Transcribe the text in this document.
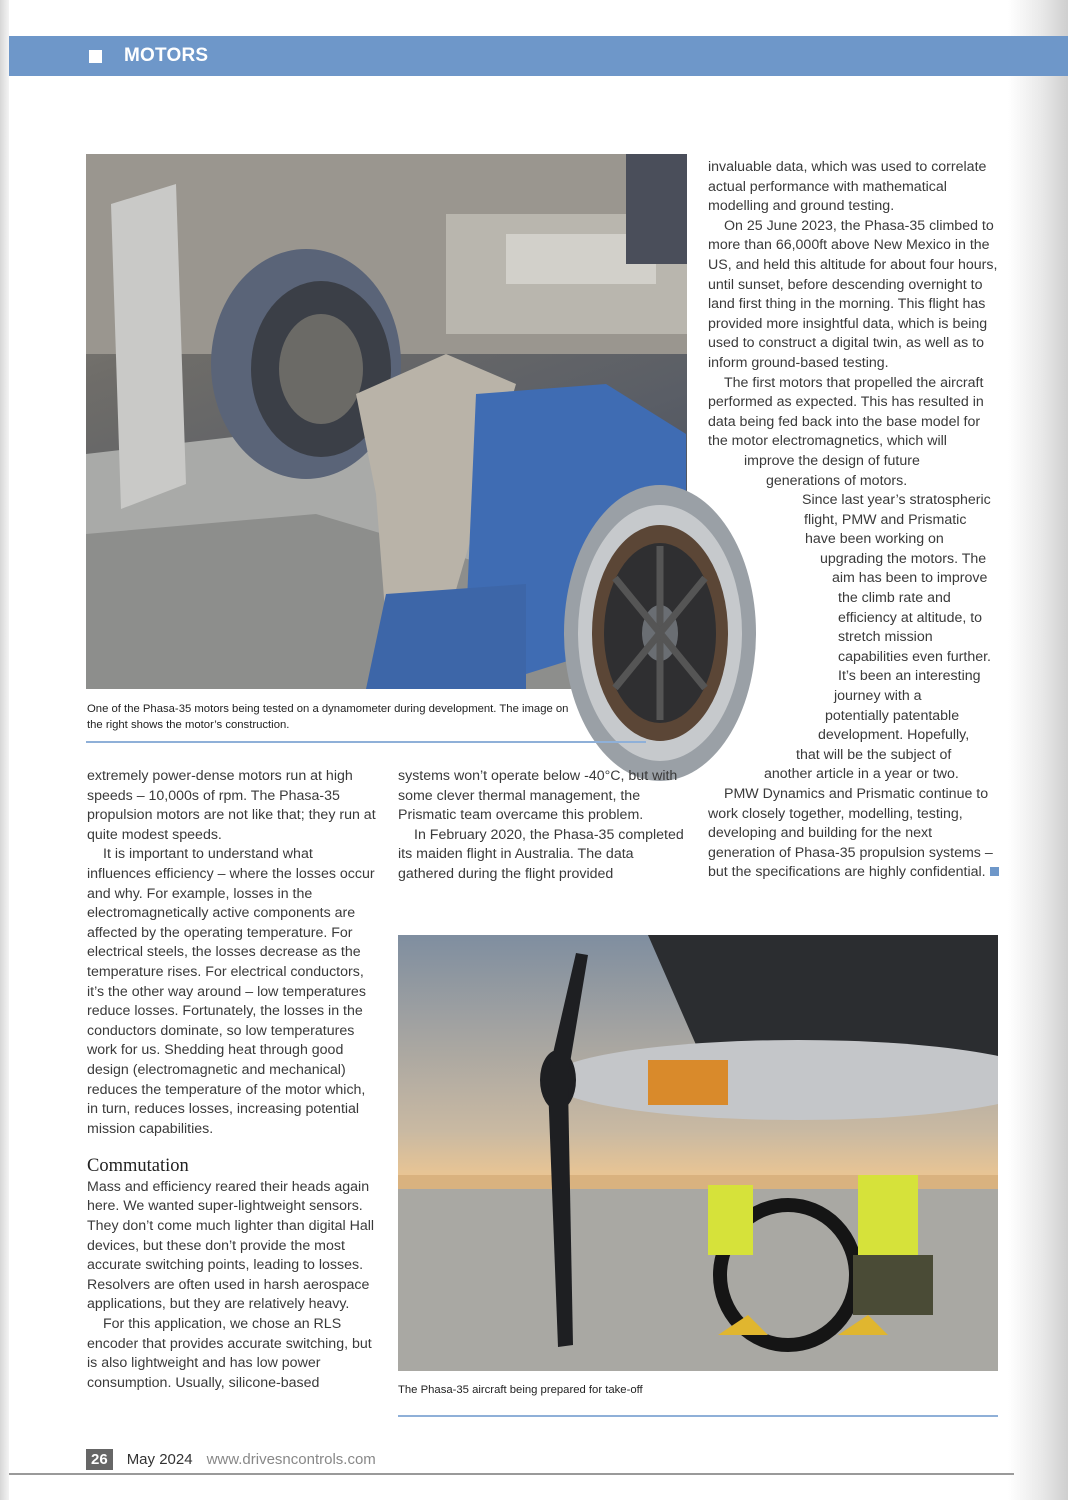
MOTORS
One of the Phasa-35 motors being tested on a dynamometer during development. The image on the right shows the motor’s construction.

extremely power-dense motors run at high speeds – 10,000s of rpm. The Phasa-35 propulsion motors are not like that; they run at quite modest speeds.

It is important to understand what influences efficiency – where the losses occur and why. For example, losses in the electromagnetically active components are affected by the operating temperature. For electrical steels, the losses decrease as the temperature rises. For electrical conductors, it’s the other way around – low temperatures reduce losses. Fortunately, the losses in the conductors dominate, so low temperatures work for us. Shedding heat through good design (electromagnetic and mechanical) reduces the temperature of the motor which, in turn, reduces losses, increasing potential mission capabilities.

Commutation

Mass and efficiency reared their heads again here. We wanted super-lightweight sensors. They don’t come much lighter than digital Hall devices, but these don’t provide the most accurate switching points, leading to losses. Resolvers are often used in harsh aerospace applications, but they are relatively heavy.

For this application, we chose an RLS encoder that provides accurate switching, but is also lightweight and has low power consumption. Usually, silicone-based

systems won’t operate below -40°C, but with some clever thermal management, the Prismatic team overcame this problem.

In February 2020, the Phasa-35 completed its maiden flight in Australia. The data gathered during the flight provided

invaluable data, which was used to correlate actual performance with mathematical modelling and ground testing.

On 25 June 2023, the Phasa-35 climbed to more than 66,000ft above New Mexico in the US, and held this altitude for about four hours, until sunset, before descending overnight to land first thing in the morning. This flight has provided more insightful data, which is being used to construct a digital twin, as well as to inform ground-based testing.

The first motors that propelled the aircraft
performed as expected. This has resulted in
data being fed back into the base model for
the motor electromagnetics, which will
improve the design of future
generations of motors.
Since last year’s stratospheric
flight, PMW and Prismatic
have been working on
upgrading the motors. The
aim has been to improve
the climb rate and
efficiency at altitude, to
stretch mission
capabilities even further.
It’s been an interesting
journey with a
potentially patentable
development. Hopefully,
that will be the subject of
another article in a year or two.

PMW Dynamics and Prismatic continue to work closely together, modelling, testing, developing and building for the next generation of Phasa-35 propulsion systems – but the specifications are highly confidential.

The Phasa-35 aircraft being prepared for take-off
26	May 2024 www.drivesncontrols.com
